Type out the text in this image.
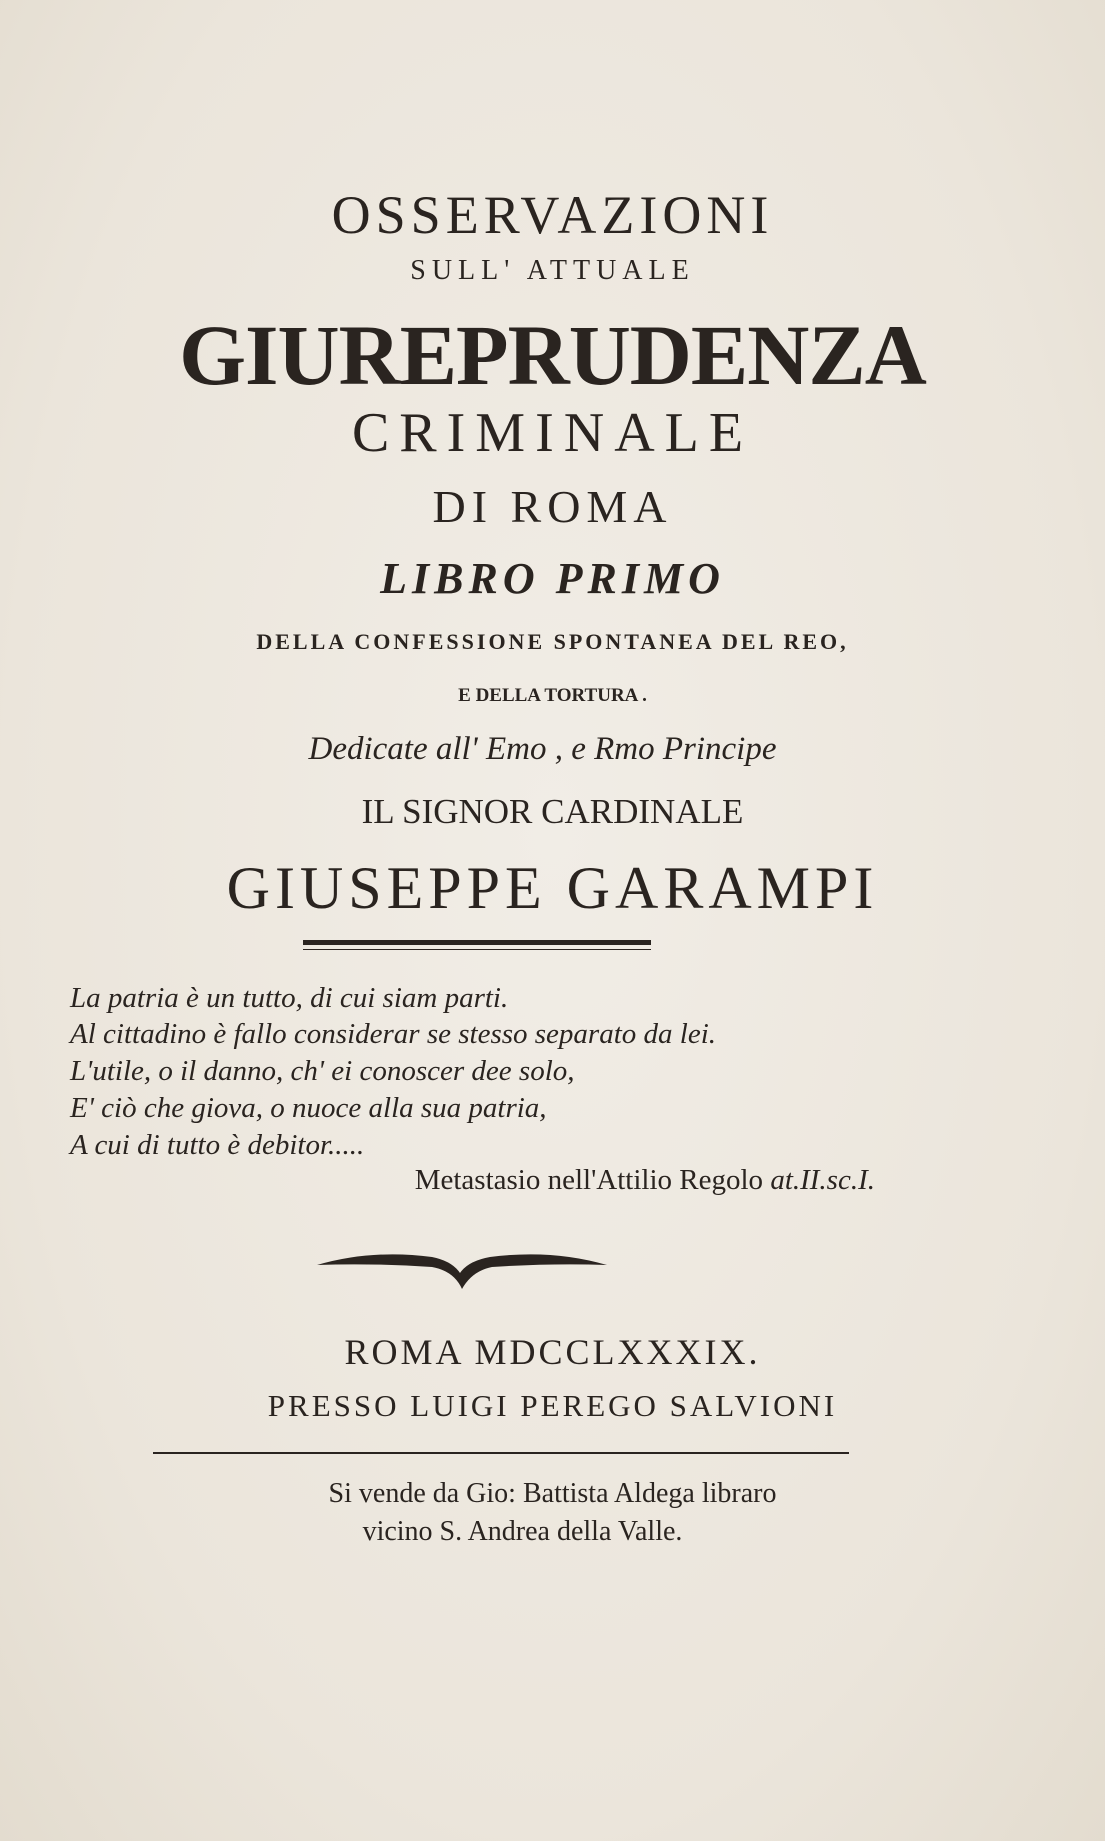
OSSERVAZIONI
SULL' ATTUALE
GIUREPRUDENZA
CRIMINALE
DI ROMA
LIBRO PRIMO
DELLA CONFESSIONE SPONTANEA DEL REO,
E DELLA TORTURA .
Dedicate all' Emo , e Rmo Principe
IL SIGNOR CARDINALE
GIUSEPPE GARAMPI
La patria è un tutto, di cui siam parti.
Al cittadino è fallo considerar se stesso separato da lei.
L'utile, o il danno, ch' ei conoscer dee solo,
E' ciò che giova, o nuoce alla sua patria,
A cui di tutto è debitor.....
Metastasio nell'Attilio Regolo at.II.sc.I.
ROMA MDCCLXXXIX.
PRESSO LUIGI PEREGO SALVIONI
Si vende da Gio: Battista Aldega libraro
vicino S. Andrea della Valle.
